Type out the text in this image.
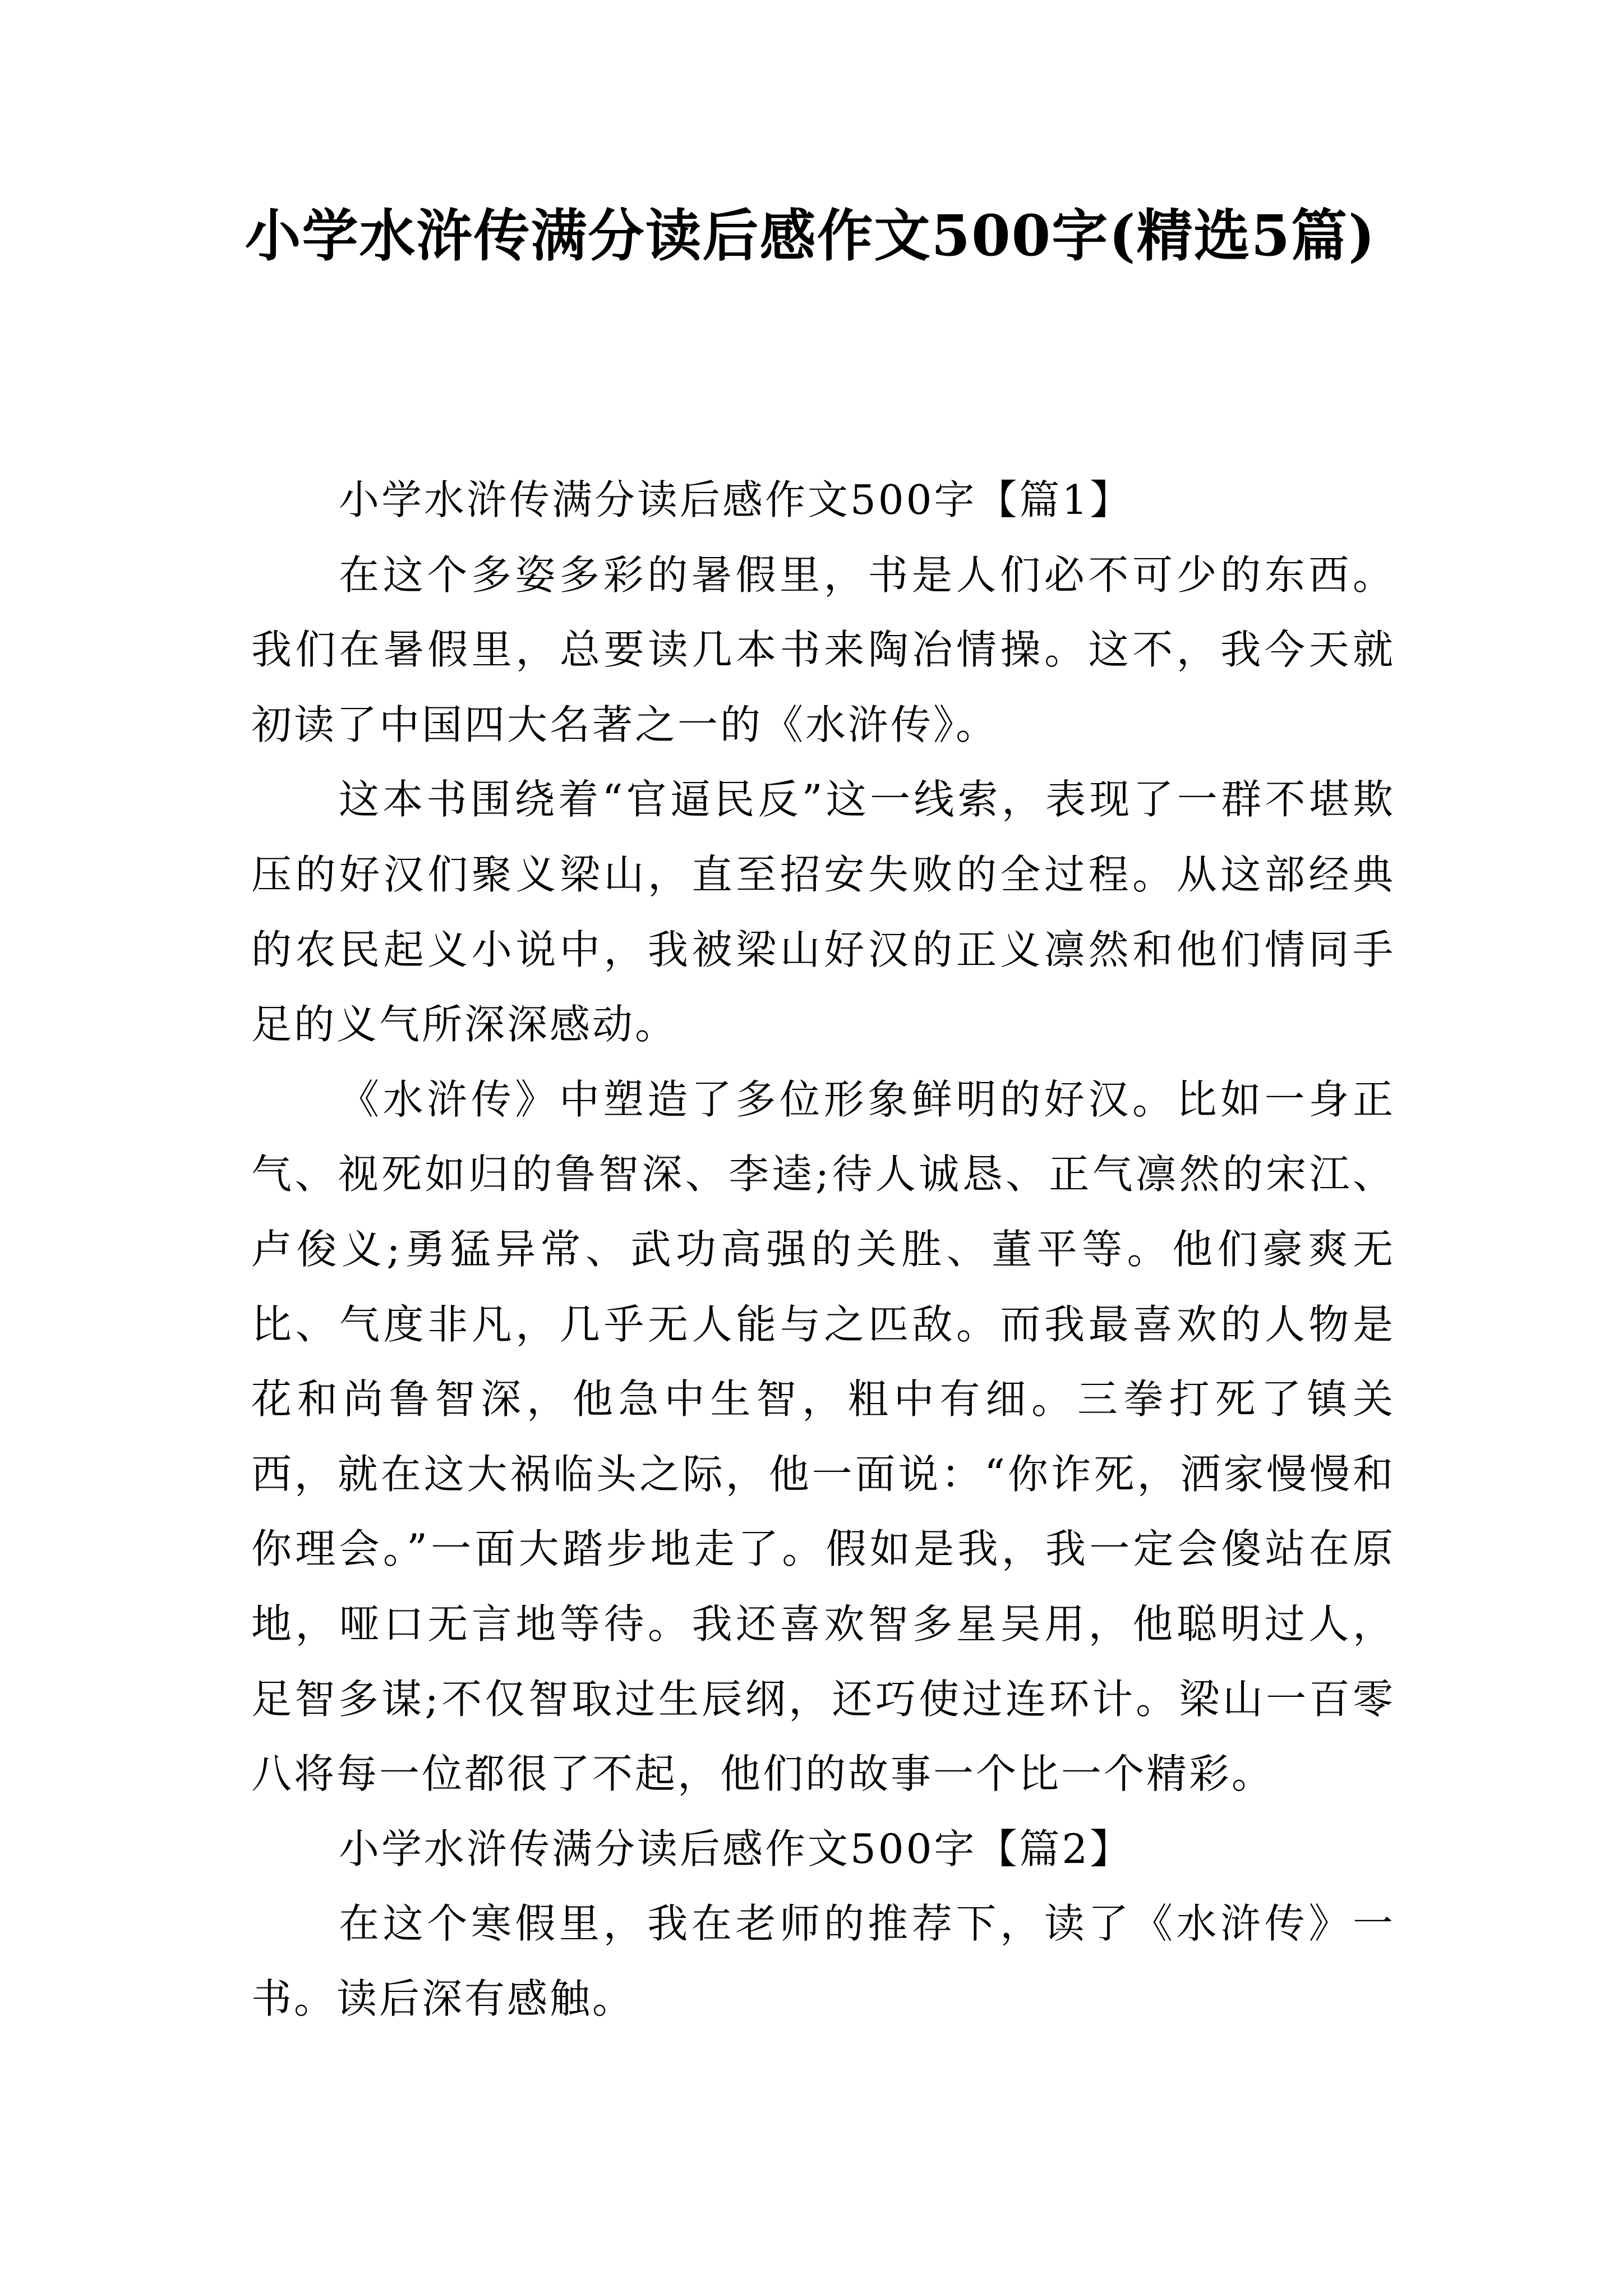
小学水浒传满分读后感作文500字(精选5篇)

小学水浒传满分读后感作文500字【篇1】

在这个多姿多彩的暑假里，书是人们必不可少的东西。我们在暑假里，总要读几本书来陶冶情操。这不，我今天就初读了中国四大名著之一的《水浒传》。

这本书围绕着“官逼民反”这一线索，表现了一群不堪欺压的好汉们聚义梁山，直至招安失败的全过程。从这部经典的农民起义小说中，我被梁山好汉的正义凛然和他们情同手足的义气所深深感动。

《水浒传》中塑造了多位形象鲜明的好汉。比如一身正气、视死如归的鲁智深、李逵;待人诚恳、正气凛然的宋江、卢俊义;勇猛异常、武功高强的关胜、董平等。他们豪爽无比、气度非凡，几乎无人能与之匹敌。而我最喜欢的人物是花和尚鲁智深，他急中生智，粗中有细。三拳打死了镇关西，就在这大祸临头之际，他一面说：“你诈死，洒家慢慢和你理会。”一面大踏步地走了。假如是我，我一定会傻站在原地，哑口无言地等待。我还喜欢智多星吴用，他聪明过人，足智多谋;不仅智取过生辰纲，还巧使过连环计。梁山一百零八将每一位都很了不起，他们的故事一个比一个精彩。

小学水浒传满分读后感作文500字【篇2】

在这个寒假里，我在老师的推荐下，读了《水浒传》一书。读后深有感触。
